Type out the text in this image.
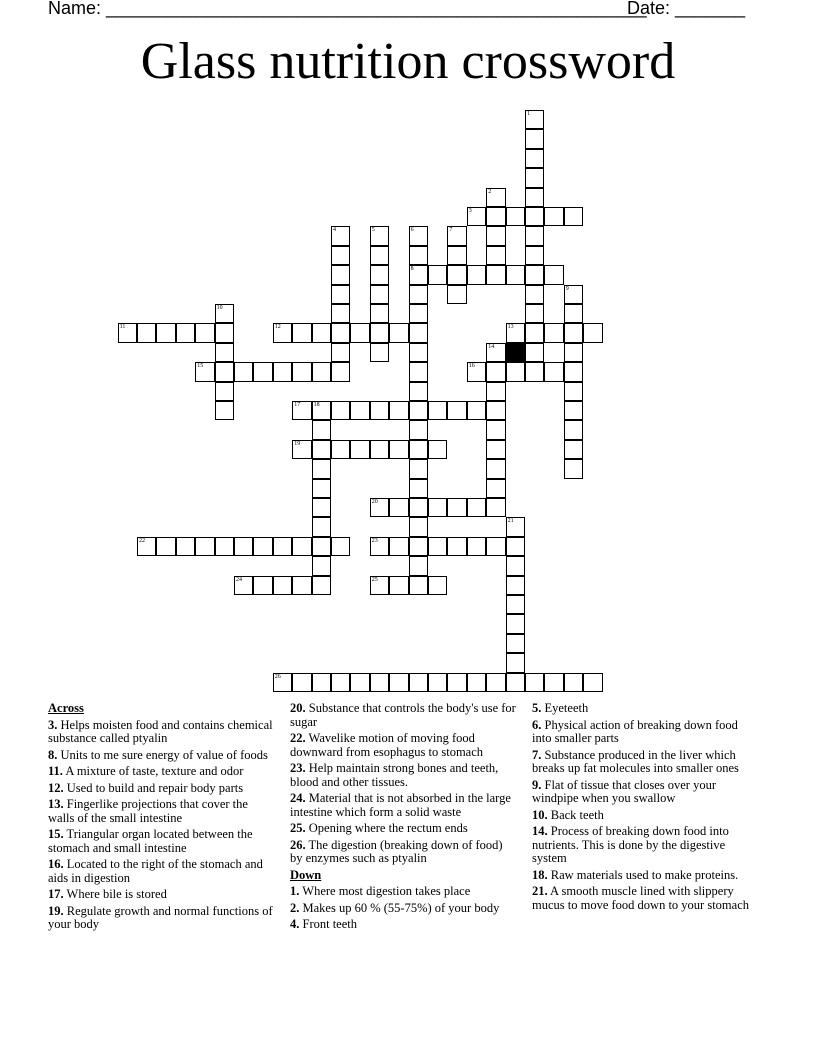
Name: ______________________________________________________
Date: _______
Glass nutrition crossword
1
2
3
4	5	6
8
7
9
10
11	12	13
14
15	16
17 18
19
20
21
22	23
24	25
26
Across
3. Helps moisten food and contains chemical substance called ptyalin
8. Units to me sure energy of value of foods
11. A mixture of taste, texture and odor
12. Used to build and repair body parts
13. Fingerlike projections that cover the walls of the small intestine
15. Triangular organ located between the stomach and small intestine
16. Located to the right of the stomach and aids in digestion
17. Where bile is stored
19. Regulate growth and normal functions of your body
20. Substance that controls the body's use for sugar
22. Wavelike motion of moving food downward from esophagus to stomach
23. Help maintain strong bones and teeth, blood and other tissues.
24. Material that is not absorbed in the large intestine which form a solid waste
25. Opening where the rectum ends
26. The digestion (breaking down of food) by enzymes such as ptyalin
Down
1. Where most digestion takes place
2. Makes up 60 % (55-75%) of your body
4. Front teeth
5. Eyeteeth
6. Physical action of breaking down food into smaller parts
7. Substance produced in the liver which breaks up fat molecules into smaller ones
9. Flat of tissue that closes over your windpipe when you swallow
10. Back teeth
14. Process of breaking down food into nutrients. This is done by the digestive system
18. Raw materials used to make proteins.
21. A smooth muscle lined with slippery mucus to move food down to your stomach
